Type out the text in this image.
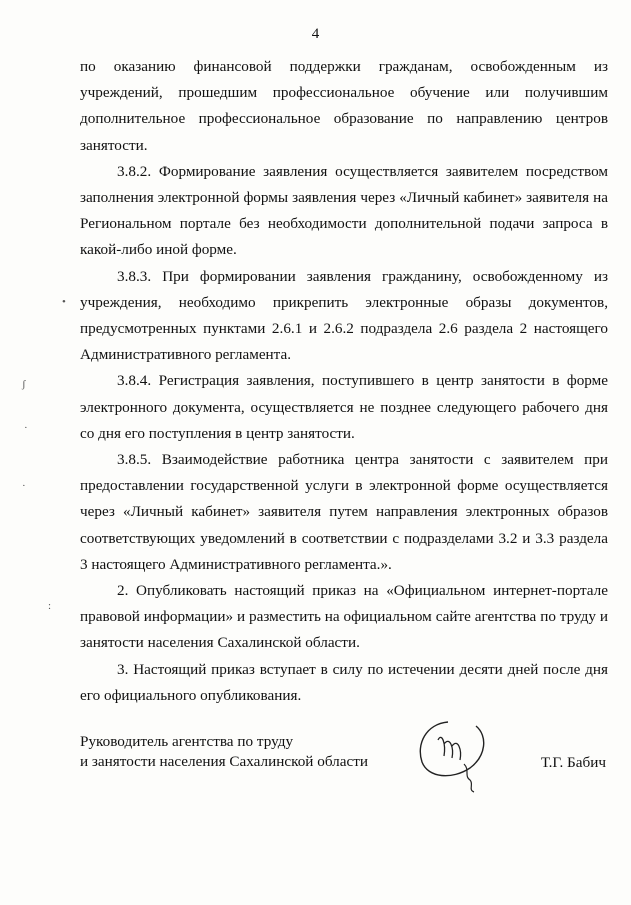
4

по оказанию финансовой поддержки гражданам, освобожденным из учреждений, прошедшим профессиональное обучение или получившим дополнительное профессиональное образование по направлению центров занятости.

3.8.2. Формирование заявления осуществляется заявителем посредством заполнения электронной формы заявления через «Личный кабинет» заявителя на Региональном портале без необходимости дополнительной подачи запроса в какой-либо иной форме.

3.8.3. При формировании заявления гражданину, освобожденному из учреждения, необходимо прикрепить электронные образы документов, предусмотренных пунктами 2.6.1 и 2.6.2 подраздела 2.6 раздела 2 настоящего Административного регламента.

3.8.4. Регистрация заявления, поступившего в центр занятости в форме электронного документа, осуществляется не позднее следующего рабочего дня со дня его поступления в центр занятости.

3.8.5. Взаимодействие работника центра занятости с заявителем при предоставлении государственной услуги в электронной форме осуществляется через «Личный кабинет» заявителя путем направления электронных образов соответствующих уведомлений в соответствии с подразделами 3.2 и 3.3 раздела 3 настоящего Административного регламента.».

2. Опубликовать настоящий приказ на «Официальном интернет-портале правовой информации» и разместить на официальном сайте агентства по труду и занятости населения Сахалинской области.

3. Настоящий приказ вступает в силу по истечении десяти дней после дня его официального опубликования.

Руководитель агентства по труду
и занятости населения Сахалинской области	Т.Г. Бабич
•
ʃ
·
·
:
